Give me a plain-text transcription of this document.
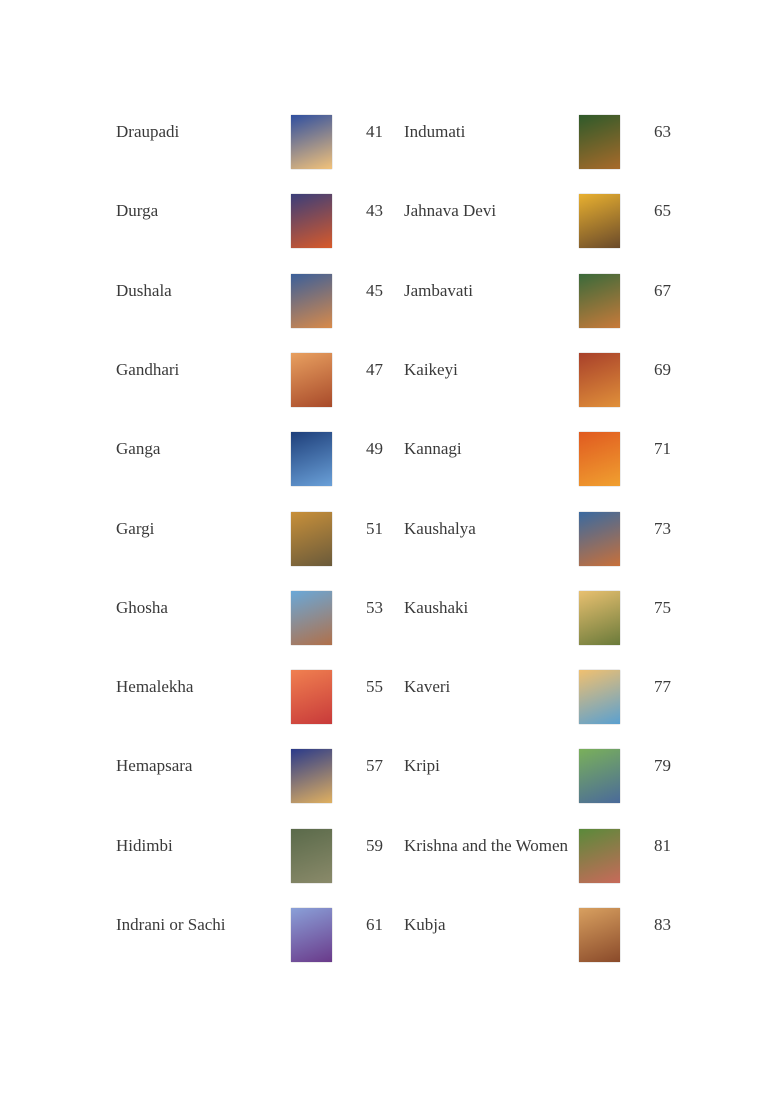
Draupadi	41
Durga	43
Dushala	45
Gandhari	47
Ganga	49
Gargi	51
Ghosha	53
Hemalekha	55
Hemapsara	57
Hidimbi	59
Indrani or Sachi	61
Indumati	63
Jahnava Devi	65
Jambavati	67
Kaikeyi	69
Kannagi	71
Kaushalya	73
Kaushaki	75
Kaveri	77
Kripi	79
Krishna and the Women	81
Kubja	83
